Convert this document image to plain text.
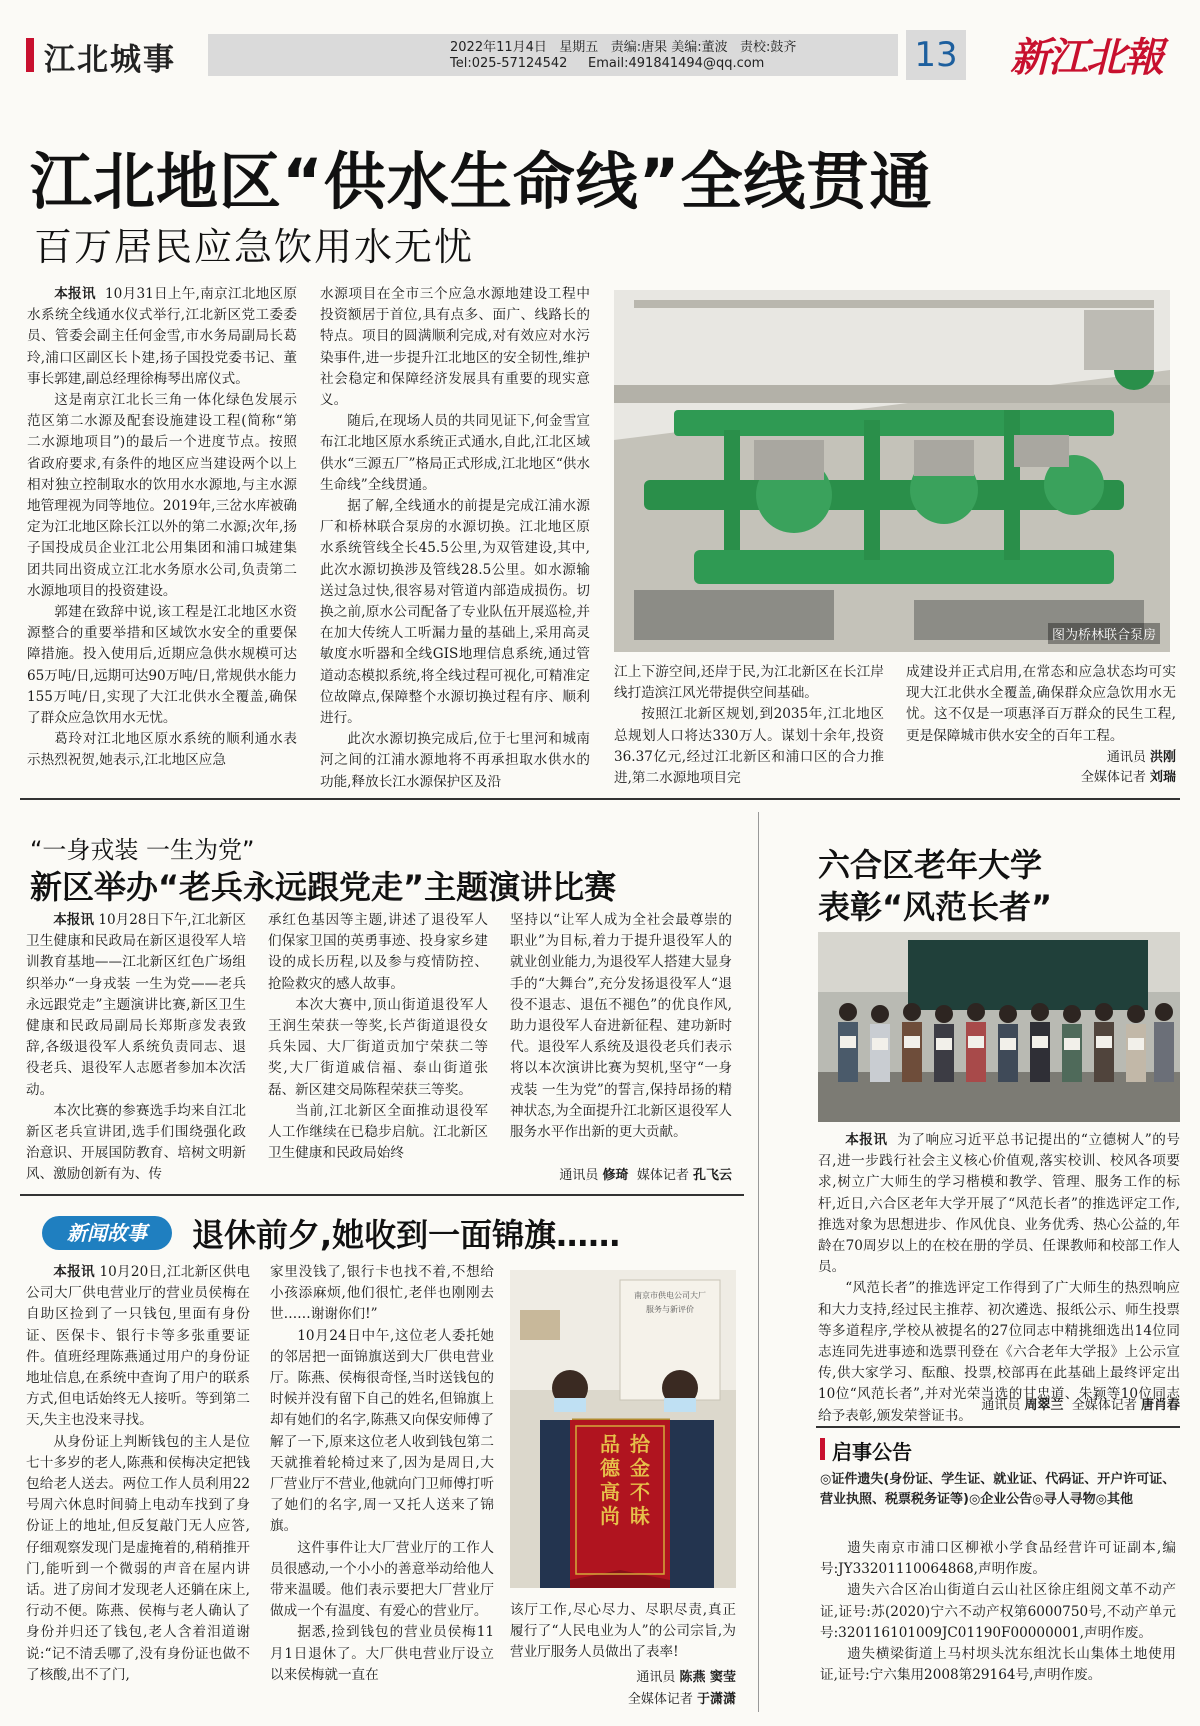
江北城事	2022年11月4日   星期五   责编:唐果 美编:董波   责校:鼓齐
Tel:025-57124542     Email:491841494@qq.com	13 新江北報
江北地区“供水生命线”全线贯通
百万居民应急饮用水无忧

本报讯 10月31日上午,南京江北地区原水系统全线通水仪式举行,江北新区党工委委员、管委会副主任何金雪,市水务局副局长葛玲,浦口区副区长卜建,扬子国投党委书记、董事长郭建,副总经理徐梅琴出席仪式。

这是南京江北长三角一体化绿色发展示范区第二水源及配套设施建设工程(简称“第二水源地项目”)的最后一个进度节点。按照省政府要求,有条件的地区应当建设两个以上相对独立控制取水的饮用水水源地,与主水源地管理视为同等地位。2019年,三岔水库被确定为江北地区除长江以外的第二水源;次年,扬子国投成员企业江北公用集团和浦口城建集团共同出资成立江北水务原水公司,负责第二水源地项目的投资建设。

郭建在致辞中说,该工程是江北地区水资源整合的重要举措和区域饮水安全的重要保障措施。投入使用后,近期应急供水规模可达65万吨/日,远期可达90万吨/日,常规供水能力155万吨/日,实现了大江北供水全覆盖,确保了群众应急饮用水无忧。

葛玲对江北地区原水系统的顺利通水表示热烈祝贺,她表示,江北地区应急

水源项目在全市三个应急水源地建设工程中投资额居于首位,具有点多、面广、线路长的特点。项目的圆满顺利完成,对有效应对水污染事件,进一步提升江北地区的安全韧性,维护社会稳定和保障经济发展具有重要的现实意义。

随后,在现场人员的共同见证下,何金雪宣布江北地区原水系统正式通水,自此,江北区域供水“三源五厂”格局正式形成,江北地区“供水生命线”全线贯通。

据了解,全线通水的前提是完成江浦水源厂和桥林联合泵房的水源切换。江北地区原水系统管线全长45.5公里,为双管建设,其中,此次水源切换涉及管线28.5公里。如水源输送过急过快,很容易对管道内部造成损伤。切换之前,原水公司配备了专业队伍开展巡检,并在加大传统人工听漏力量的基础上,采用高灵敏度水听器和全线GIS地理信息系统,通过管道动态模拟系统,将全线过程可视化,可精准定位故障点,保障整个水源切换过程有序、顺利进行。

此次水源切换完成后,位于七里河和城南河之间的江浦水源地将不再承担取水供水的功能,释放长江水源保护区及沿

图为桥林联合泵房

江上下游空间,还岸于民,为江北新区在长江岸线打造滨江风光带提供空间基础。

按照江北新区规划,到2035年,江北地区总规划人口将达330万人。谋划十余年,投资36.37亿元,经过江北新区和浦口区的合力推进,第二水源地项目完

成建设并正式启用,在常态和应急状态均可实现大江北供水全覆盖,确保群众应急饮用水无忧。这不仅是一项惠泽百万群众的民生工程,更是保障城市供水安全的百年工程。

通讯员 洪刚
全媒体记者 刘瑞
“一身戎装 一生为党”
新区举办“老兵永远跟党走”主题演讲比赛

本报讯 10月28日下午,江北新区卫生健康和民政局在新区退役军人培训教育基地——江北新区红色广场组织举办“一身戎装 一生为党——老兵永远跟党走”主题演讲比赛,新区卫生健康和民政局副局长郑斯彦发表致辞,各级退役军人系统负责同志、退役老兵、退役军人志愿者参加本次活动。

本次比赛的参赛选手均来自江北新区老兵宣讲团,选手们围绕强化政治意识、开展国防教育、培树文明新风、激励创新有为、传

承红色基因等主题,讲述了退役军人们保家卫国的英勇事迹、投身家乡建设的成长历程,以及参与疫情防控、抢险救灾的感人故事。

本次大赛中,顶山街道退役军人王润生荣获一等奖,长芦街道退役女兵朱园、大厂街道贡加宁荣获二等奖,大厂街道戚信福、泰山街道张磊、新区建交局陈程荣获三等奖。

当前,江北新区全面推动退役军人工作继续在已稳步启航。江北新区卫生健康和民政局始终

坚持以“让军人成为全社会最尊崇的职业”为目标,着力于提升退役军人的就业创业能力,为退役军人搭建大显身手的“大舞台”,充分发扬退役军人“退役不退志、退伍不褪色”的优良作风,助力退役军人奋进新征程、建功新时代。退役军人系统及退役老兵们表示将以本次演讲比赛为契机,坚守“一身戎装 一生为党”的誓言,保持昂扬的精神状态,为全面提升江北新区退役军人服务水平作出新的更大贡献。

通讯员 修琦 媒体记者 孔飞云
新闻故事	退休前夕,她收到一面锦旗……

本报讯 10月20日,江北新区供电公司大厂供电营业厅的营业员侯梅在自助区捡到了一只钱包,里面有身份证、医保卡、银行卡等多张重要证件。值班经理陈燕通过用户的身份证地址信息,在系统中查询了用户的联系方式,但电话始终无人接听。等到第二天,失主也没来寻找。

从身份证上判断钱包的主人是位七十多岁的老人,陈燕和侯梅决定把钱包给老人送去。两位工作人员利用22号周六休息时间骑上电动车找到了身份证上的地址,但反复敲门无人应答,仔细观察发现门是虚掩着的,稍稍推开门,能听到一个微弱的声音在屋内讲话。进了房间才发现老人还躺在床上,行动不便。陈燕、侯梅与老人确认了身份并归还了钱包,老人含着泪道谢说:“记不清丢哪了,没有身份证也做不了核酸,出不了门,

家里没钱了,银行卡也找不着,不想给小孩添麻烦,他们很忙,老伴也刚刚去世……谢谢你们!”

10月24日中午,这位老人委托她的邻居把一面锦旗送到大厂供电营业厅。陈燕、侯梅很奇怪,当时送钱包的时候并没有留下自己的姓名,但锦旗上却有她们的名字,陈燕又向保安师傅了解了一下,原来这位老人收到钱包第二天就推着轮椅过来了,因为是周日,大厂营业厅不营业,他就向门卫师傅打听了她们的名字,周一又托人送来了锦旗。

这件事件让大厂营业厅的工作人员很感动,一个小小的善意举动给他人带来温暖。他们表示要把大厂营业厅做成一个有温度、有爱心的营业厅。

据悉,捡到钱包的营业员侯梅11月1日退休了。大厂供电营业厅设立以来侯梅就一直在

拾金不昧
品德高尚
南京市供电公司大厂
服务与新评价

该厅工作,尽心尽力、尽职尽责,真正履行了“人民电业为人”的公司宗旨,为营业厅服务人员做出了表率!

通讯员 陈燕 窦莹
全媒体记者 于潇潇
六合区老年大学
表彰“风范长者”

本报讯 为了响应习近平总书记提出的“立德树人”的号召,进一步践行社会主义核心价值观,落实校训、校风各项要求,树立广大师生的学习楷模和教学、管理、服务工作的标杆,近日,六合区老年大学开展了“风范长者”的推选评定工作,推选对象为思想进步、作风优良、业务优秀、热心公益的,年龄在70周岁以上的在校在册的学员、任课教师和校部工作人员。

“风范长者”的推选评定工作得到了广大师生的热烈响应和大力支持,经过民主推荐、初次遴选、报纸公示、师生投票等多道程序,学校从被提名的27位同志中精挑细选出14位同志连同先进事迹和选票刊登在《六合老年大学报》上公示宣传,供大家学习、酝酿、投票,校部再在此基础上最终评定出10位“风范长者”,并对光荣当选的甘忠道、朱颖等10位同志给予表彰,颁发荣誉证书。

通讯员 周翠兰 全媒体记者 唐肖春
启事公告
◎证件遗失(身份证、学生证、就业证、代码证、开户许可证、营业执照、税票税务证等)◎企业公告◎寻人寻物◎其他

遗失南京市浦口区柳袱小学食品经营许可证副本,编号:JY33201110064868,声明作废。

遗失六合区冶山街道白云山社区徐庄组阅文革不动产证,证号:苏(2020)宁六不动产权第6000750号,不动产单元号:320116101009JC01190F00000001,声明作废。

遗失横梁街道上马村坝头沈东组沈长山集体土地使用证,证号:宁六集用2008第29164号,声明作废。
